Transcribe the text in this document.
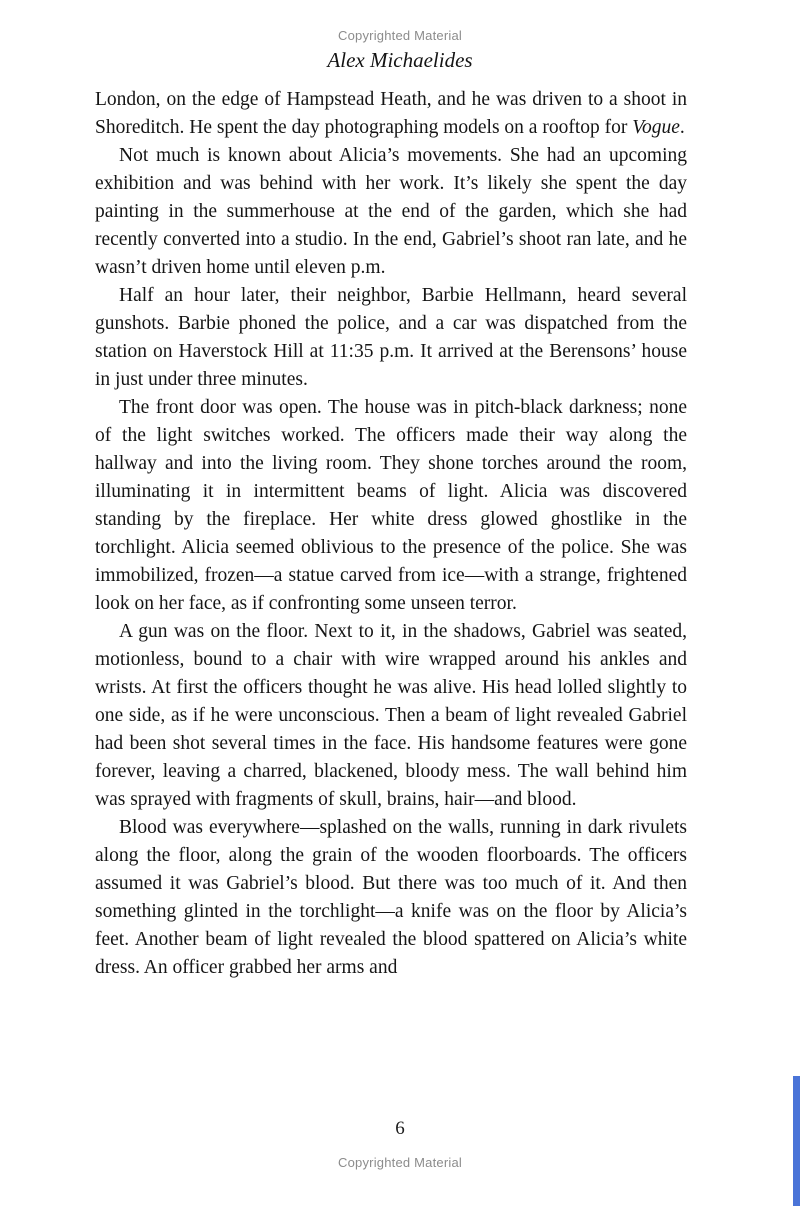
Copyrighted Material
Alex Michaelides

London, on the edge of Hampstead Heath, and he was driven to a shoot in Shoreditch. He spent the day photographing models on a rooftop for Vogue.

Not much is known about Alicia’s movements. She had an upcoming exhibition and was behind with her work. It’s likely she spent the day painting in the summerhouse at the end of the garden, which she had recently converted into a studio. In the end, Gabriel’s shoot ran late, and he wasn’t driven home until eleven p.m.

Half an hour later, their neighbor, Barbie Hellmann, heard several gunshots. Barbie phoned the police, and a car was dispatched from the station on Haverstock Hill at 11:35 p.m. It arrived at the Berensons’ house in just under three minutes.

The front door was open. The house was in pitch-black darkness; none of the light switches worked. The officers made their way along the hallway and into the living room. They shone torches around the room, illuminating it in intermittent beams of light. Alicia was discovered standing by the fireplace. Her white dress glowed ghostlike in the torchlight. Alicia seemed oblivious to the presence of the police. She was immobilized, frozen—a statue carved from ice—with a strange, frightened look on her face, as if confronting some unseen terror.

A gun was on the floor. Next to it, in the shadows, Gabriel was seated, motionless, bound to a chair with wire wrapped around his ankles and wrists. At first the officers thought he was alive. His head lolled slightly to one side, as if he were unconscious. Then a beam of light revealed Gabriel had been shot several times in the face. His handsome features were gone forever, leaving a charred, blackened, bloody mess. The wall behind him was sprayed with fragments of skull, brains, hair—and blood.

Blood was everywhere—splashed on the walls, running in dark rivulets along the floor, along the grain of the wooden floorboards. The officers assumed it was Gabriel’s blood. But there was too much of it. And then something glinted in the torchlight—a knife was on the floor by Alicia’s feet. Another beam of light revealed the blood spattered on Alicia’s white dress. An officer grabbed her arms and

6
Copyrighted Material
